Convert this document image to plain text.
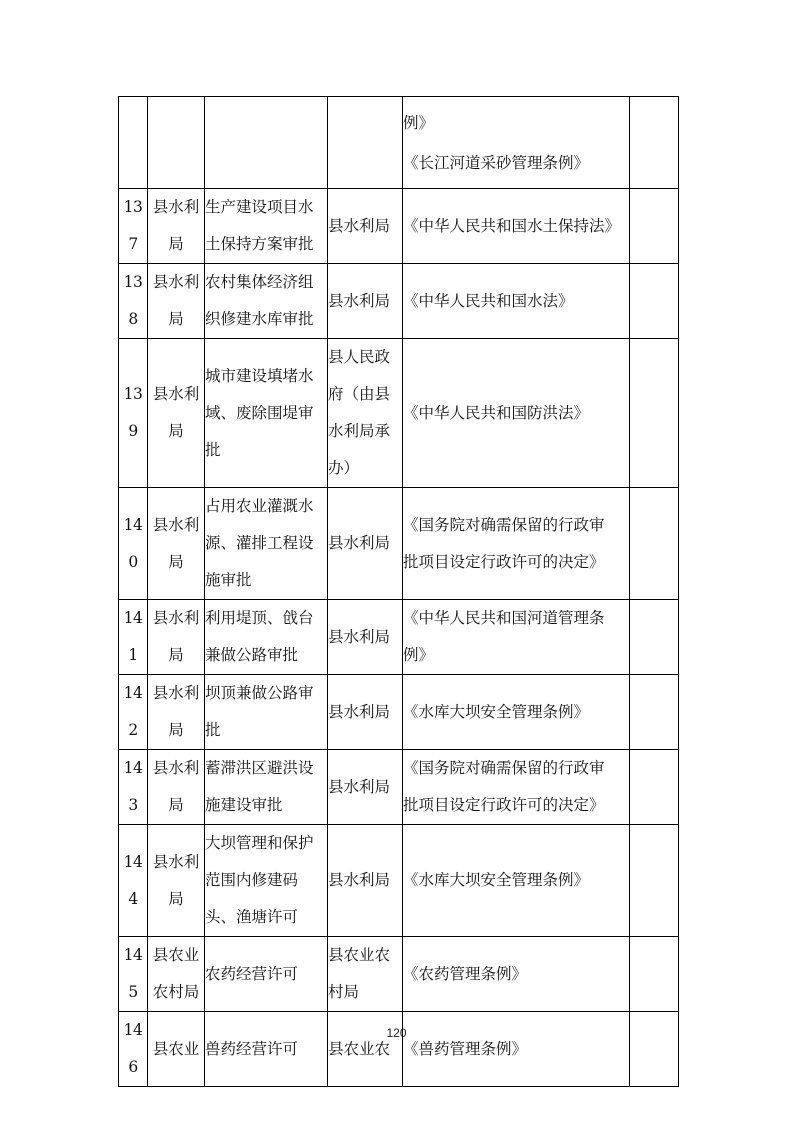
				例》
《长江河道采砂管理条例》	

137	县水利
局	生产建设项目水
土保持方案审批	县水利局	《中华人民共和国水土保持法》	

138	县水利
局	农村集体经济组
织修建水库审批	县水利局	《中华人民共和国水法》	

139	县水利
局	城市建设填堵水
域、废除围堤审
批	县人民政
府（由县
水利局承
办）	《中华人民共和国防洪法》	

140	县水利
局	占用农业灌溉水
源、灌排工程设
施审批	县水利局	《国务院对确需保留的行政审
批项目设定行政许可的决定》	

141	县水利
局	利用堤顶、戗台
兼做公路审批	县水利局	《中华人民共和国河道管理条
例》	

142	县水利
局	坝顶兼做公路审
批	县水利局	《水库大坝安全管理条例》	

143	县水利
局	蓄滞洪区避洪设
施建设审批	县水利局	《国务院对确需保留的行政审
批项目设定行政许可的决定》	

144	县水利
局	大坝管理和保护
范围内修建码
头、渔塘许可	县水利局	《水库大坝安全管理条例》	

145	县农业
农村局	农药经营许可	县农业农
村局	《农药管理条例》	

146	县农业	兽药经营许可	县农业农	《兽药管理条例》	

120
